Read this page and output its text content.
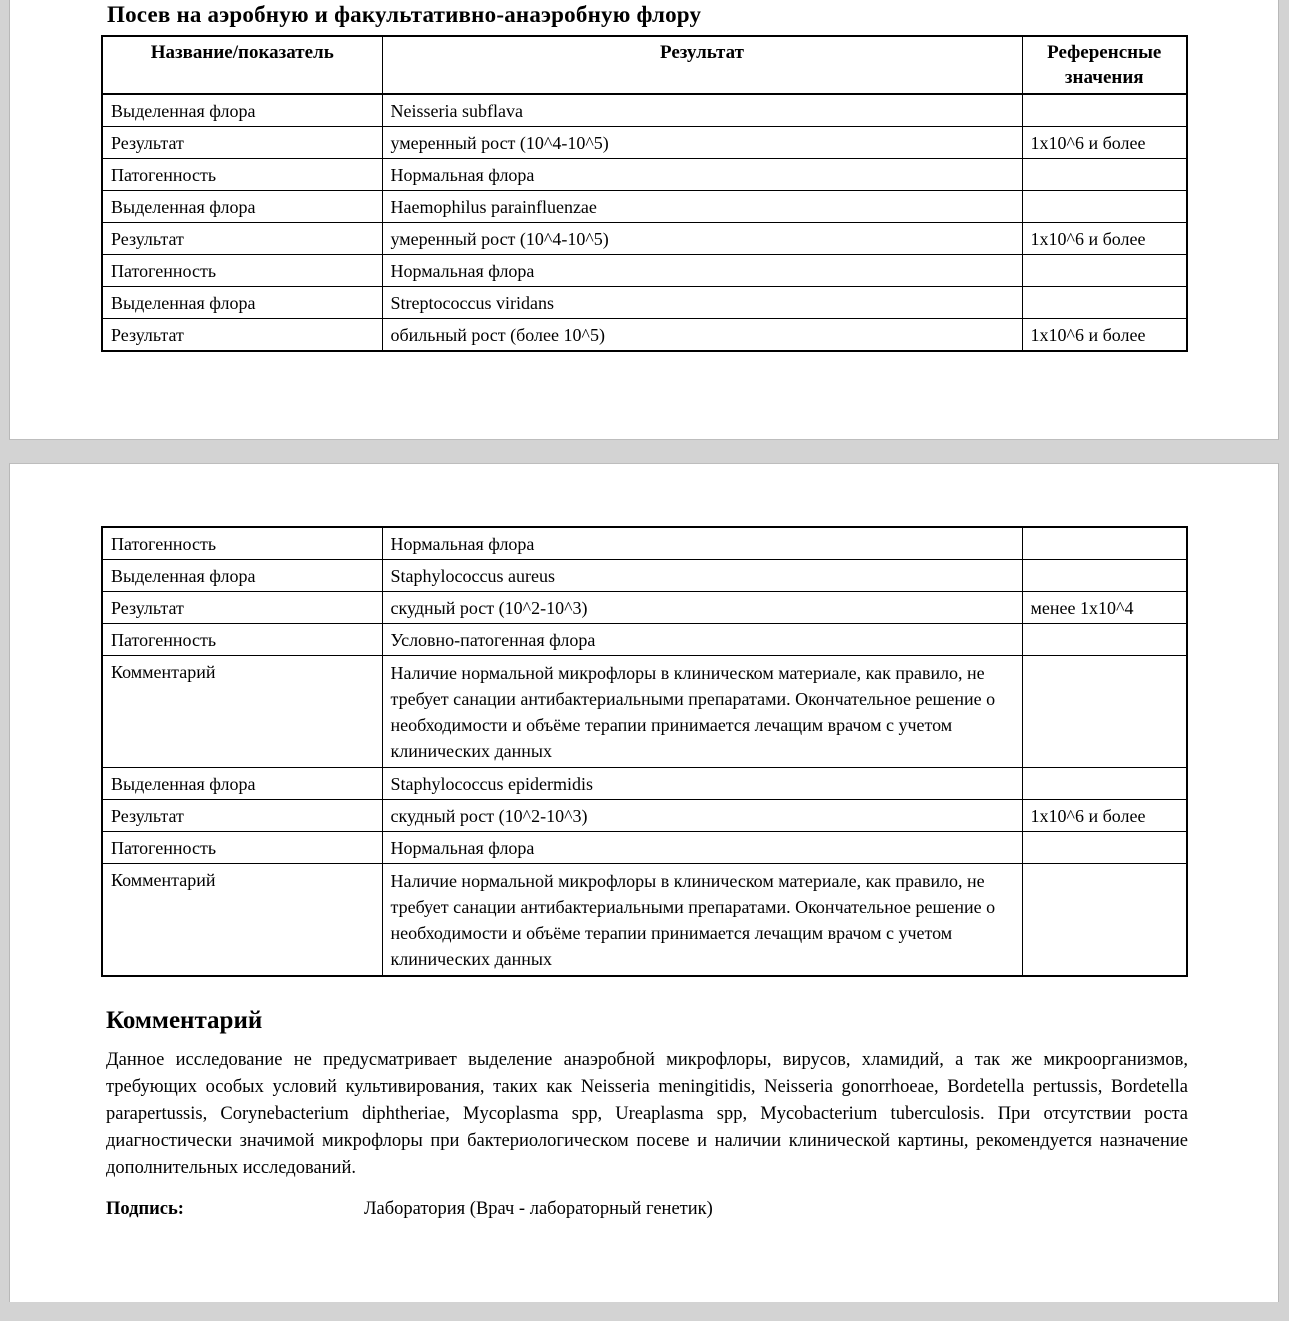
Посев на аэробную и факультативно-анаэробную флору
Название/показатель	Результат	Референсные значения
Выделенная флора	Neisseria subflava	
Результат	умеренный рост (10^4-10^5)	1x10^6 и более
Патогенность	Нормальная флора	
Выделенная флора	Haemophilus parainfluenzae	
Результат	умеренный рост (10^4-10^5)	1x10^6 и более
Патогенность	Нормальная флора	
Выделенная флора	Streptococcus viridans	
Результат	обильный рост (более 10^5)	1x10^6 и более
Патогенность	Нормальная флора	
Выделенная флора	Staphylococcus aureus	
Результат	скудный рост (10^2-10^3)	менее 1x10^4
Патогенность	Условно-патогенная флора	
Комментарий	Наличие нормальной микрофлоры в клиническом материале, как правило, не требует санации антибактериальными препаратами. Окончательное решение о необходимости и объёме терапии принимается лечащим врачом с учетом клинических данных	
Выделенная флора	Staphylococcus epidermidis	
Результат	скудный рост (10^2-10^3)	1x10^6 и более
Патогенность	Нормальная флора	
Комментарий	Наличие нормальной микрофлоры в клиническом материале, как правило, не требует санации антибактериальными препаратами. Окончательное решение о необходимости и объёме терапии принимается лечащим врачом с учетом клинических данных	
Комментарий
Данное исследование не предусматривает выделение анаэробной микрофлоры, вирусов, хламидий, а так же микроорганизмов, требующих особых условий культивирования, таких как Neisseria meningitidis, Neisseria gonorrhoeae, Bordetella pertussis, Bordetella parapertussis, Corynebacterium diphtheriae, Mycoplasma spp, Ureaplasma spp, Mycobacterium tuberculosis. При отсутствии роста диагностически значимой микрофлоры при бактериологическом посеве и наличии клинической картины, рекомендуется назначение дополнительных исследований.
Подпись:	Лаборатория (Врач - лабораторный генетик)
